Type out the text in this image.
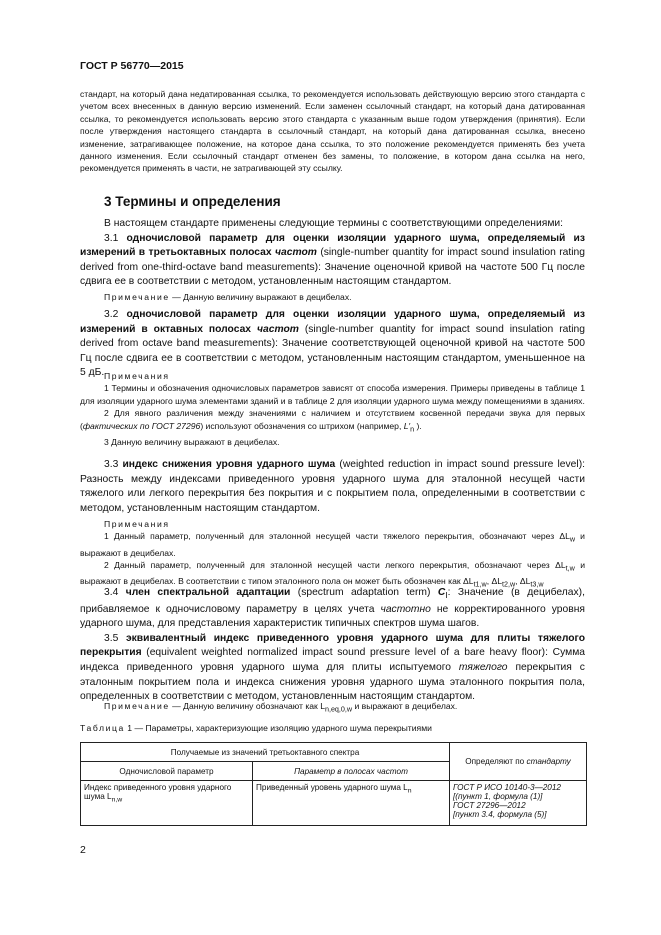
ГОСТ Р 56770—2015

стандарт, на который дана недатированная ссылка, то рекомендуется использовать действующую версию этого стандарта с учетом всех внесенных в данную версию изменений. Если заменен ссылочный стандарт, на который дана датированная ссылка, то рекомендуется использовать версию этого стандарта с указанным выше годом утверждения (принятия). Если после утверждения настоящего стандарта в ссылочный стандарт, на который дана датированная ссылка, внесено изменение, затрагивающее положение, на которое дана ссылка, то это положение рекомендуется применять без учета данного изменения. Если ссылочный стандарт отменен без замены, то положение, в котором дана ссылка на него, рекомендуется применять в части, не затрагивающей эту ссылку.

3 Термины и определения

В настоящем стандарте применены следующие термины с соответствующими определениями:

3.1 одночисловой параметр для оценки изоляции ударного шума, определяемый из измерений в третьоктавных полосах частот (single-number quantity for impact sound insulation rating derived from one-third-octave band measurements): Значение оценочной кривой на частоте 500 Гц после сдвига ее в соответствии с методом, установленным настоящим стандартом.

Примечание — Данную величину выражают в децибелах.

3.2 одночисловой параметр для оценки изоляции ударного шума, определяемый из измерений в октавных полосах частот (single-number quantity for impact sound insulation rating derived from octave band measurements): Значение соответствующей оценочной кривой на частоте 500 Гц после сдвига ее в соответствии с методом, установленным настоящим стандартом, уменьшенное на 5 дБ. Примечания

1 Термины и обозначения одночисловых параметров зависят от способа измерения. Примеры приведены в таблице 1 для изоляции ударного шума элементами зданий и в таблице 2 для изоляции ударного шума между помещениями в зданиях.

2 Для явного различения между значениями с наличием и отсутствием косвенной передачи звука для первых (фактических по ГОСТ 27296) используют обозначения со штрихом (например, $L'_n$ ).

3 Данную величину выражают в децибелах.

3.3 индекс снижения уровня ударного шума (weighted reduction in impact sound pressure level): Разность между индексами приведенного уровня ударного шума для эталонной несущей части тяжелого или легкого перекрытия без покрытия и с покрытием пола, определенными в соответствии с методом, установленным настоящим стандартом.

Примечания

1 Данный параметр, полученный для эталонной несущей части тяжелого перекрытия, обозначают через $\Delta L_w$ и выражают в децибелах.

2 Данный параметр, полученный для эталонной несущей части легкого перекрытия, обозначают через $\Delta L_{t,w}$ и выражают в децибелах. В соответствии с типом эталонного пола он может быть обозначен как $\Delta L_{t1,w}$, $\Delta L_{t2,w}$, $\Delta L_{t3,w}$

3.4 член спектральной адаптации (spectrum adaptation term) $C_I$: Значение (в децибелах), прибавляемое к одночисловому параметру в целях учета частотно не корректированного уровня ударного шума, для представления характеристик типичных спектров шума шагов.

3.5 эквивалентный индекс приведенного уровня ударного шума для плиты тяжелого перекрытия (equivalent weighted normalized impact sound pressure level of a bare heavy floor): Сумма индекса приведенного уровня ударного шума для плиты испытуемого тяжелого перекрытия с эталонным покрытием пола и индекса снижения уровня ударного шума эталонного покрытия пола, определенных в соответствии с методом, установленным настоящим стандартом.

Примечание — Данную величину обозначают как $L_{n,eq,0,w}$ и выражают в децибелах.

Таблица 1 — Параметры, характеризующие изоляцию ударного шума перекрытиями
Получаемые из значений третьоктавного спектра		Определяют по стандарту
Одночисловой параметр	Параметр в полосах частот	
Индекс приведенного уровня ударного шума $L_{n,w}$	Приведенный уровень ударного шума $L_n$	ГОСТ Р ИСО 10140-3—2012
[(пункт 1, формула (1)]
ГОСТ 27296—2012
[пункт 3.4, формула (5)]
2
